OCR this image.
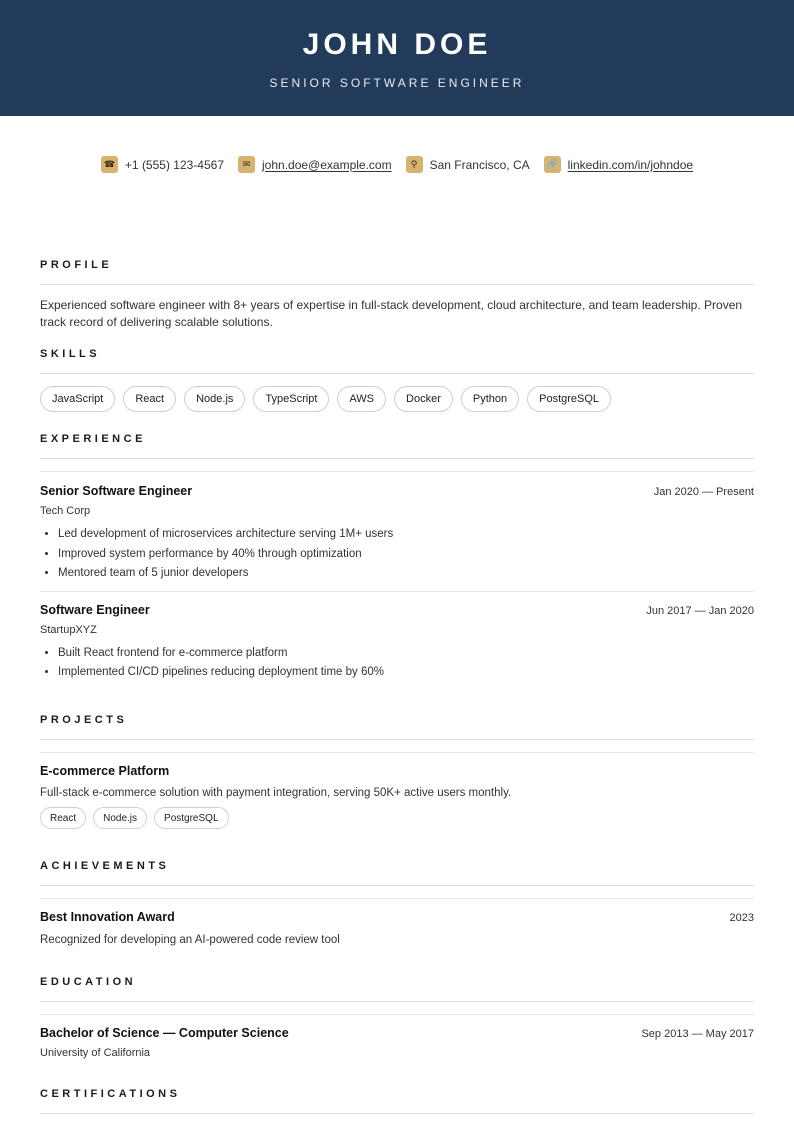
JOHN DOE
SENIOR SOFTWARE ENGINEER
☎ +1 (555) 123-4567	✉ john.doe@example.com	⚲	San Francisco, CA	🔗 linkedin.com/in/johndoe
PROFILE
Experienced software engineer with 8+ years of expertise in full-stack development, cloud architecture, and team leadership. Proven track record of delivering scalable solutions.
SKILLS
JavaScript	React	Node.js	TypeScript	AWS	Docker	Python	PostgreSQL
EXPERIENCE
Senior Software Engineer	Jan 2020 — Present
Tech Corp
• Led development of microservices architecture serving 1M+ users
• Improved system performance by 40% through optimization
• Mentored team of 5 junior developers
Software Engineer	Jun 2017 — Jan 2020
StartupXYZ
• Built React frontend for e-commerce platform
• Implemented CI/CD pipelines reducing deployment time by 60%
PROJECTS
E-commerce Platform
Full-stack e-commerce solution with payment integration, serving 50K+ active users monthly.
React	Node.js	PostgreSQL
ACHIEVEMENTS
Best Innovation Award	2023
Recognized for developing an AI-powered code review tool
EDUCATION
Bachelor of Science — Computer Science	Sep 2013 — May 2017
University of California
CERTIFICATIONS
